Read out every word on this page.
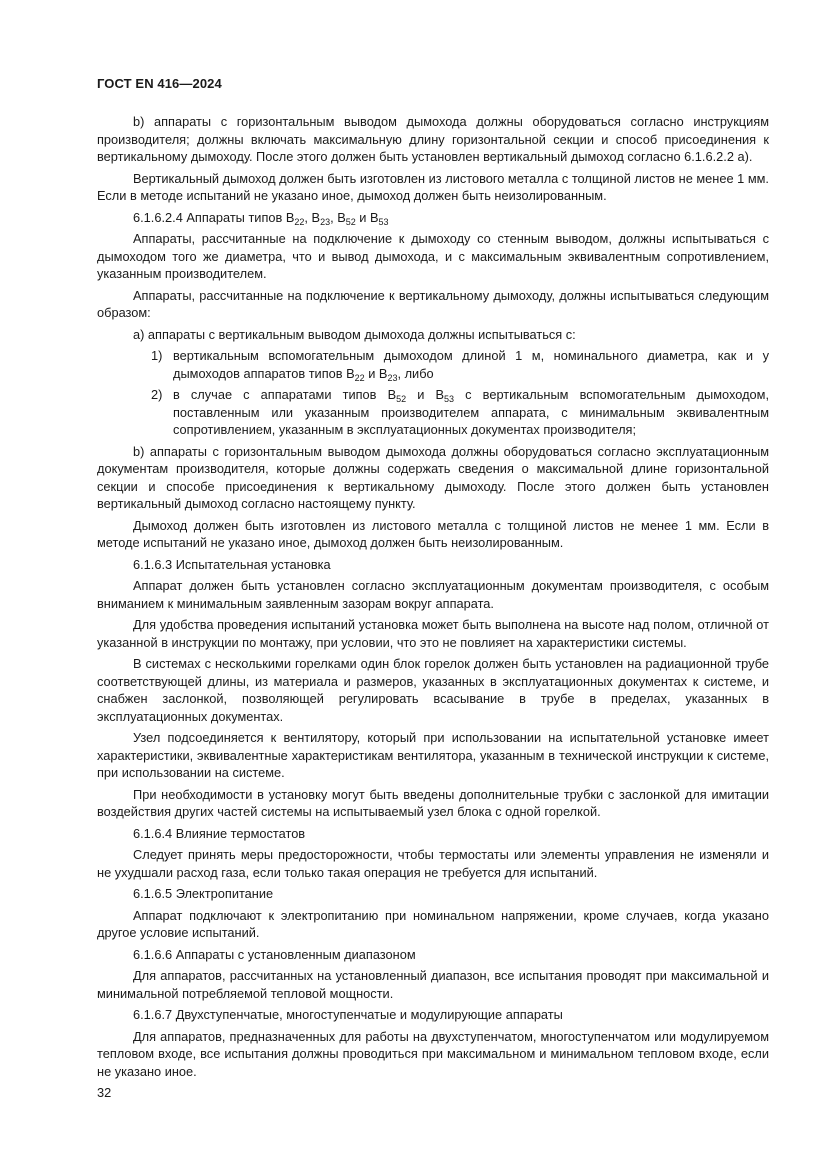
ГОСТ EN 416—2024

b) аппараты с горизонтальным выводом дымохода должны оборудоваться согласно инструкциям производителя; должны включать максимальную длину горизонтальной секции и способ присоединения к вертикальному дымоходу. После этого должен быть установлен вертикальный дымоход согласно 6.1.6.2.2 а).

Вертикальный дымоход должен быть изготовлен из листового металла с толщиной листов не менее 1 мм. Если в методе испытаний не указано иное, дымоход должен быть неизолированным.

6.1.6.2.4 Аппараты типов $B_{22}$, $B_{23}$, $B_{52}$ и $B_{53}$

Аппараты, рассчитанные на подключение к дымоходу со стенным выводом, должны испытываться с дымоходом того же диаметра, что и вывод дымохода, и с максимальным эквивалентным сопротивлением, указанным производителем.

Аппараты, рассчитанные на подключение к вертикальному дымоходу, должны испытываться следующим образом:

а) аппараты с вертикальным выводом дымохода должны испытываться с:

1) вертикальным вспомогательным дымоходом длиной 1 м, номинального диаметра, как и у дымоходов аппаратов типов $B_{22}$ и $B_{23}$, либо

2) в случае с аппаратами типов $B_{52}$ и $B_{53}$ с вертикальным вспомогательным дымоходом, поставленным или указанным производителем аппарата, с минимальным эквивалентным сопротивлением, указанным в эксплуатационных документах производителя;

b) аппараты с горизонтальным выводом дымохода должны оборудоваться согласно эксплуатационным документам производителя, которые должны содержать сведения о максимальной длине горизонтальной секции и способе присоединения к вертикальному дымоходу. После этого должен быть установлен вертикальный дымоход согласно настоящему пункту.

Дымоход должен быть изготовлен из листового металла с толщиной листов не менее 1 мм. Если в методе испытаний не указано иное, дымоход должен быть неизолированным.

6.1.6.3 Испытательная установка

Аппарат должен быть установлен согласно эксплуатационным документам производителя, с особым вниманием к минимальным заявленным зазорам вокруг аппарата.

Для удобства проведения испытаний установка может быть выполнена на высоте над полом, отличной от указанной в инструкции по монтажу, при условии, что это не повлияет на характеристики системы.

В системах с несколькими горелками один блок горелок должен быть установлен на радиационной трубе соответствующей длины, из материала и размеров, указанных в эксплуатационных документах к системе, и снабжен заслонкой, позволяющей регулировать всасывание в трубе в пределах, указанных в эксплуатационных документах.

Узел подсоединяется к вентилятору, который при использовании на испытательной установке имеет характеристики, эквивалентные характеристикам вентилятора, указанным в технической инструкции к системе, при использовании на системе.

При необходимости в установку могут быть введены дополнительные трубки с заслонкой для имитации воздействия других частей системы на испытываемый узел блока с одной горелкой.

6.1.6.4 Влияние термостатов

Следует принять меры предосторожности, чтобы термостаты или элементы управления не изменяли и не ухудшали расход газа, если только такая операция не требуется для испытаний.

6.1.6.5 Электропитание

Аппарат подключают к электропитанию при номинальном напряжении, кроме случаев, когда указано другое условие испытаний.

6.1.6.6 Аппараты с установленным диапазоном

Для аппаратов, рассчитанных на установленный диапазон, все испытания проводят при максимальной и минимальной потребляемой тепловой мощности.

6.1.6.7 Двухступенчатые, многоступенчатые и модулирующие аппараты

Для аппаратов, предназначенных для работы на двухступенчатом, многоступенчатом или модулируемом тепловом входе, все испытания должны проводиться при максимальном и минимальном тепловом входе, если не указано иное.

32
